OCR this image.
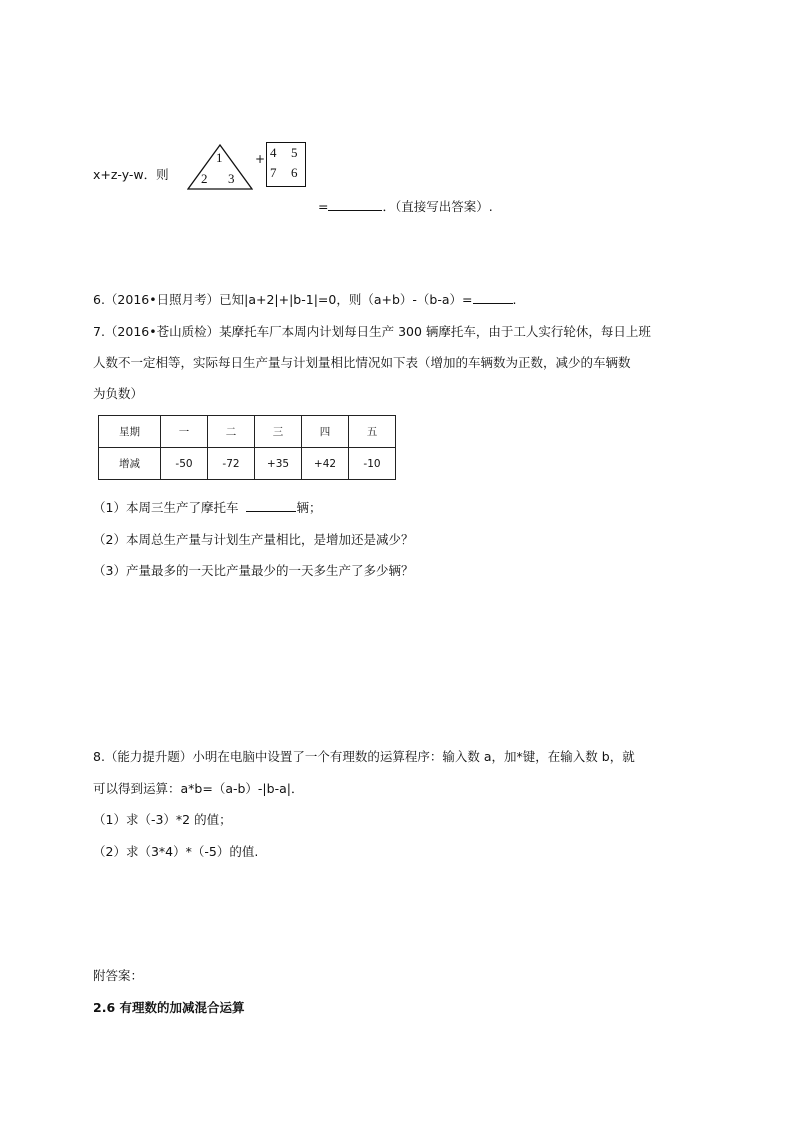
x+z-y-w．则
1
2 3
+ 4 5
7 6
=	．（直接写出答案）.
6.（2016•日照月考）已知|a+2|+|b-1|=0，则（a+b）-（b-a）=	.
7.（2016•苍山质检）某摩托车厂本周内计划每日生产 300 辆摩托车，由于工人实行轮休，每日上班
人数不一定相等，实际每日生产量与计划量相比情况如下表（增加的车辆数为正数，减少的车辆数
为负数）
星期	一	二	三	四	五
增减	-50	-72	+35	+42	-10
（1）本周三生产了摩托车	辆；
（2）本周总生产量与计划生产量相比，是增加还是减少？
（3）产量最多的一天比产量最少的一天多生产了多少辆？
8.（能力提升题）小明在电脑中设置了一个有理数的运算程序：输入数 a，加*键，在输入数 b，就
可以得到运算：a*b=（a-b）-|b-a|．
（1）求（-3）*2 的值；
（2）求（3*4）*（-5）的值.
附答案：
2.6 有理数的加减混合运算
